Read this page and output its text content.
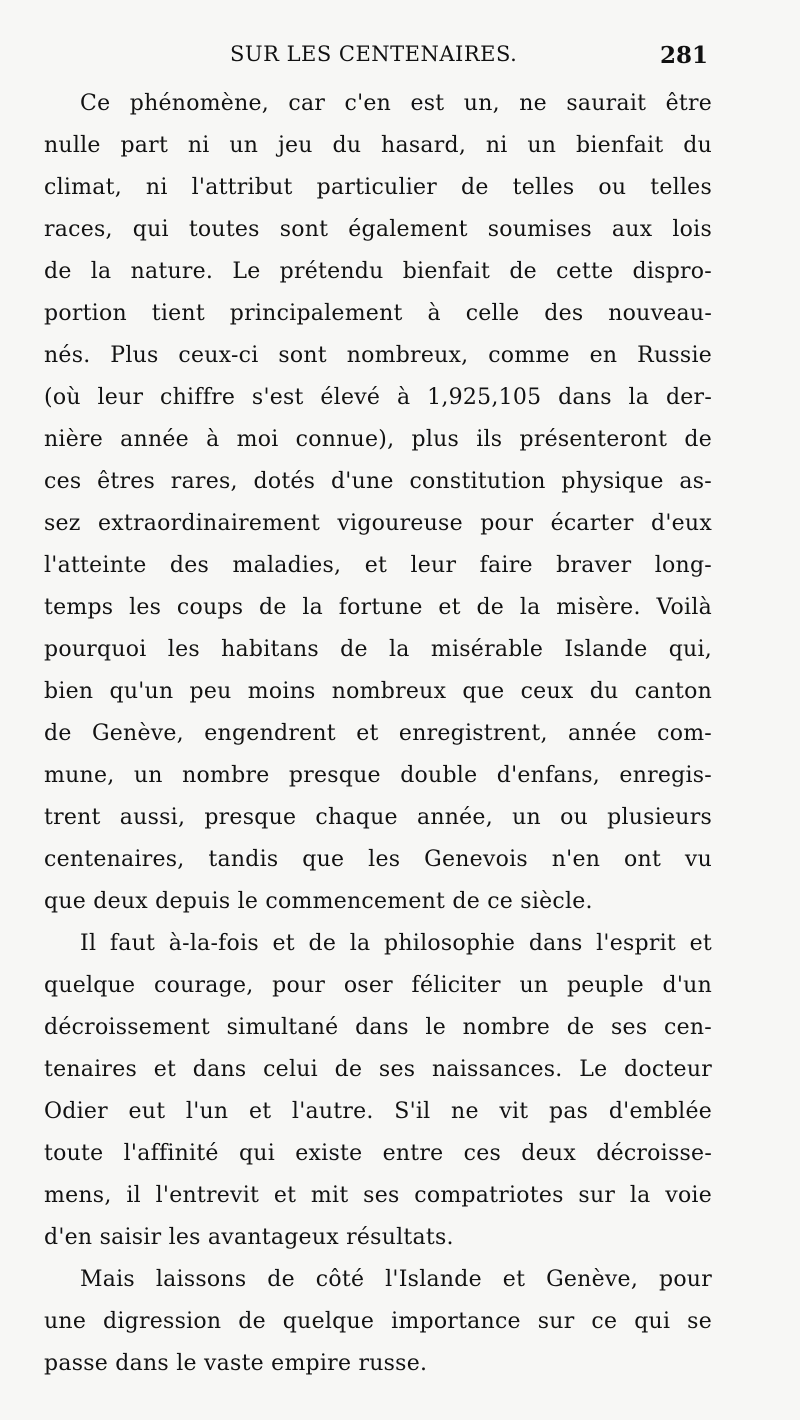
SUR LES CENTENAIRES.	281
Ce phénomène, car c'en est un, ne saurait être
nulle part ni un jeu du hasard, ni un bienfait du
climat, ni l'attribut particulier de telles ou telles
races, qui toutes sont également soumises aux lois
de la nature. Le prétendu bienfait de cette dispro-
portion tient principalement à celle des nouveau-
nés. Plus ceux-ci sont nombreux, comme en Russie
(où leur chiffre s'est élevé à 1,925,105 dans la der-
nière année à moi connue), plus ils présenteront de
ces êtres rares, dotés d'une constitution physique as-
sez extraordinairement vigoureuse pour écarter d'eux
l'atteinte des maladies, et leur faire braver long-
temps les coups de la fortune et de la misère. Voilà
pourquoi les habitans de la misérable Islande qui,
bien qu'un peu moins nombreux que ceux du canton
de Genève, engendrent et enregistrent, année com-
mune, un nombre presque double d'enfans, enregis-
trent aussi, presque chaque année, un ou plusieurs
centenaires, tandis que les Genevois n'en ont vu
que deux depuis le commencement de ce siècle.
Il faut à-la-fois et de la philosophie dans l'esprit et
quelque courage, pour oser féliciter un peuple d'un
décroissement simultané dans le nombre de ses cen-
tenaires et dans celui de ses naissances. Le docteur
Odier eut l'un et l'autre. S'il ne vit pas d'emblée
toute l'affinité qui existe entre ces deux décroisse-
mens, il l'entrevit et mit ses compatriotes sur la voie
d'en saisir les avantageux résultats.
Mais laissons de côté l'Islande et Genève, pour
une digression de quelque importance sur ce qui se
passe dans le vaste empire russe.
